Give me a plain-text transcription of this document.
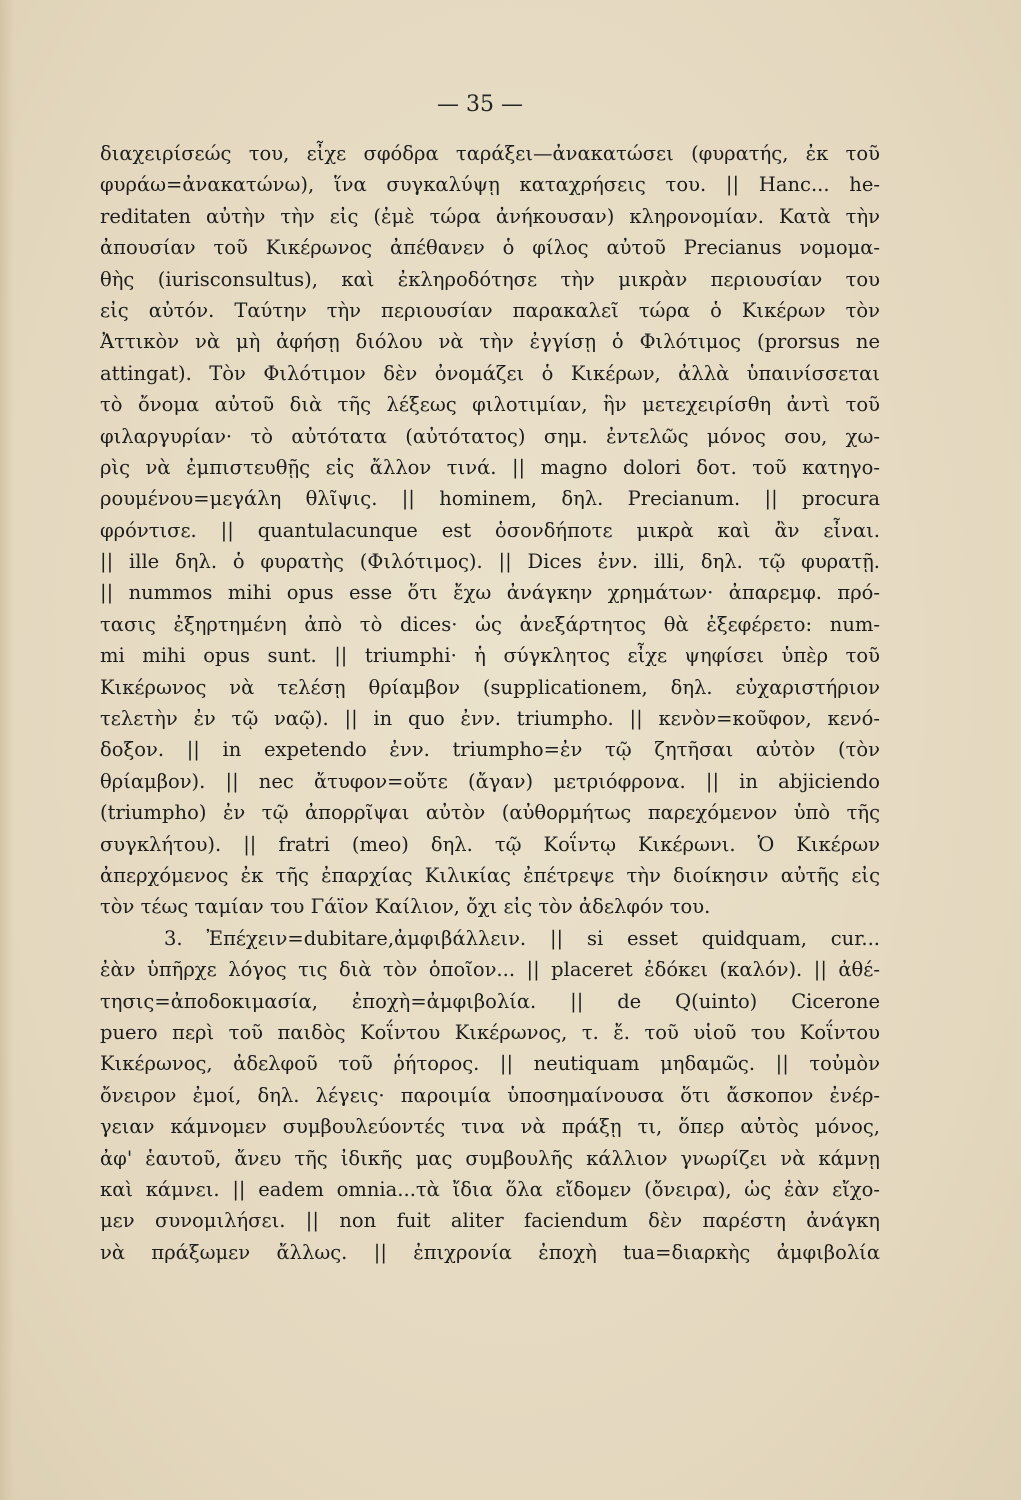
— 35 —
διαχειρίσεώς του, εἶχε σφόδρα ταράξει—ἀνακατώσει (φυρατής, ἐκ τοῦ
φυράω=ἀνακατώνω), ἵνα συγκαλύψῃ καταχρήσεις του. || Hanc... he-
reditaten αὐτὴν τὴν εἰς (ἐμὲ τώρα ἀνήκουσαν) κληρονομίαν. Κατὰ τὴν
ἀπουσίαν τοῦ Κικέρωνος ἀπέθανεν ὁ φίλος αὐτοῦ Precianus νομομα-
θὴς (iurisconsultus), καὶ ἐκληροδότησε τὴν μικρὰν περιουσίαν του
εἰς αὐτόν. Ταύτην τὴν περιουσίαν παρακαλεῖ τώρα ὁ Κικέρων τὸν
Ἀττικὸν νὰ μὴ ἀφήσῃ διόλου νὰ τὴν ἐγγίσῃ ὁ Φιλότιμος (prorsus ne
attingat). Τὸν Φιλότιμον δὲν ὀνομάζει ὁ Κικέρων, ἀλλὰ ὑπαινίσσεται
τὸ ὄνομα αὐτοῦ διὰ τῆς λέξεως φιλοτιμίαν, ἣν μετεχειρίσθη ἀντὶ τοῦ
φιλαργυρίαν· τὸ αὐτότατα (αὐτότατος) σημ. ἐντελῶς μόνος σου, χω-
ρὶς νὰ ἐμπιστευθῇς εἰς ἄλλον τινά. || magno dolori δοτ. τοῦ κατηγο-
ρουμένου=μεγάλη θλῖψις. || hominem, δηλ. Precianum. || procura
φρόντισε. || quantulacunque est ὁσονδήποτε μικρὰ καὶ ἂν εἶναι.
|| ille δηλ. ὁ φυρατὴς (Φιλότιμος). || Dices ἐνν. illi, δηλ. τῷ φυρατῇ.
|| nummos mihi opus esse ὅτι ἔχω ἀνάγκην χρημάτων· ἀπαρεμφ. πρό-
τασις ἐξηρτημένη ἀπὸ τὸ dices· ὡς ἀνεξάρτητος θὰ ἐξεφέρετο: num-
mi mihi opus sunt. || triumphi· ἡ σύγκλητος εἶχε ψηφίσει ὑπὲρ τοῦ
Κικέρωνος νὰ τελέσῃ θρίαμβον (supplicationem, δηλ. εὐχαριστήριον
τελετὴν ἐν τῷ ναῷ). || in quo ἐνν. triumpho. || κενὸν=κοῦφον, κενό-
δοξον. || in expetendo ἐνν. triumpho=ἐν τῷ ζητῆσαι αὐτὸν (τὸν
θρίαμβον). || nec ἄτυφον=οὔτε (ἄγαν) μετριόφρονα. || in abjiciendo
(triumpho) ἐν τῷ ἀπορρῖψαι αὐτὸν (αὐθορμήτως παρεχόμενον ὑπὸ τῆς
συγκλήτου). || fratri (meo) δηλ. τῷ Κοΐντῳ Κικέρωνι. Ὁ Κικέρων
ἀπερχόμενος ἐκ τῆς ἐπαρχίας Κιλικίας ἐπέτρεψε τὴν διοίκησιν αὐτῆς εἰς
τὸν τέως ταμίαν του Γάϊον Καίλιον, ὄχι εἰς τὸν ἀδελφόν του.
3. Ἐπέχειν=dubitare,ἀμφιβάλλειν. || si esset quidquam, cur...
ἐὰν ὑπῆρχε λόγος τις διὰ τὸν ὁποῖον... || placeret ἐδόκει (καλόν). || ἀθέ-
τησις=ἀποδοκιμασία, ἐποχὴ=ἀμφιβολία. || de Q(uinto) Cicerone
puero περὶ τοῦ παιδὸς Κοΐντου Κικέρωνος, τ. ἔ. τοῦ υἱοῦ του Κοΐντου
Κικέρωνος, ἀδελφοῦ τοῦ ῥήτορος. || neutiquam μηδαμῶς. || τοὐμὸν
ὄνειρον ἐμοί, δηλ. λέγεις· παροιμία ὑποσημαίνουσα ὅτι ἄσκοπον ἐνέρ-
γειαν κάμνομεν συμβουλεύοντές τινα νὰ πράξῃ τι, ὅπερ αὐτὸς μόνος,
ἀφ' ἑαυτοῦ, ἄνευ τῆς ἰδικῆς μας συμβουλῆς κάλλιον γνωρίζει νὰ κάμνῃ
καὶ κάμνει. || eadem omnia...τὰ ἴδια ὅλα εἴδομεν (ὄνειρα), ὡς ἐὰν εἴχο-
μεν συνομιλήσει. || non fuit aliter faciendum δὲν παρέστη ἀνάγκη
νὰ πράξωμεν ἄλλως. || ἐπιχρονία ἐποχὴ tua=διαρκὴς ἀμφιβολία
